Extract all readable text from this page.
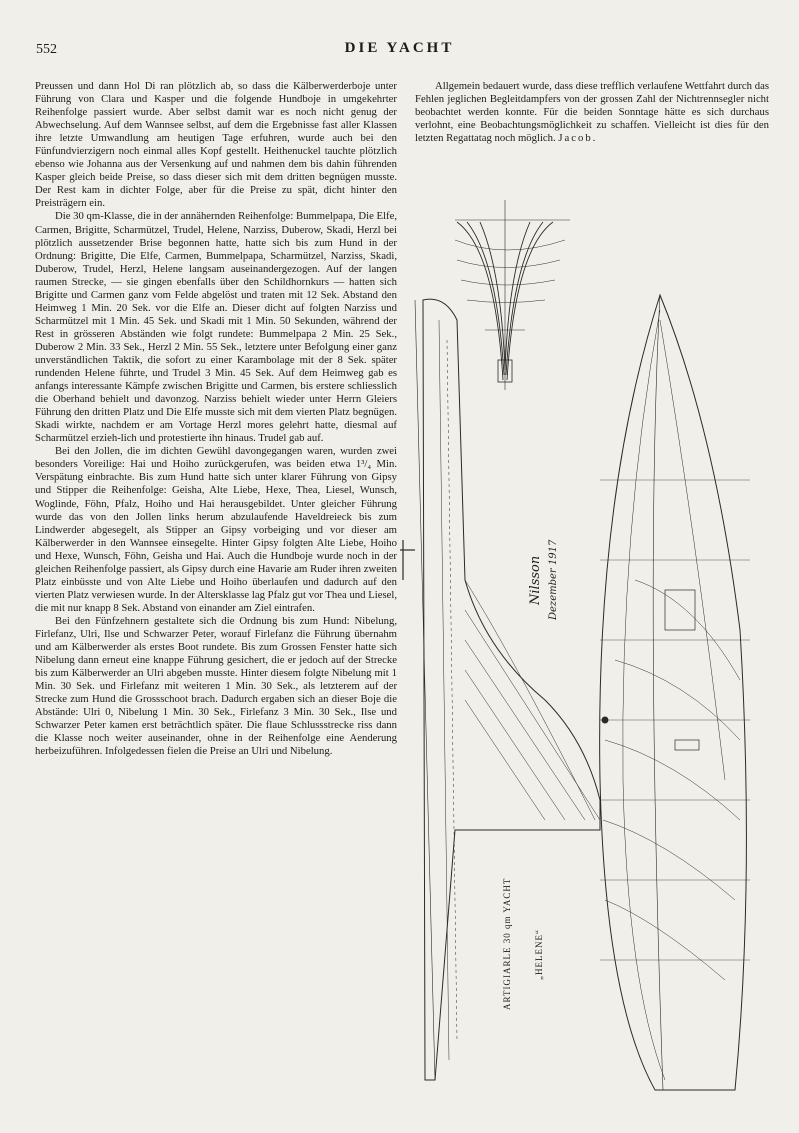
552	DIE YACHT

Preussen und dann Hol Di ran plötzlich ab, so dass die Kälberwerderboje unter Führung von Clara und Kasper und die folgende Hundboje in umgekehrter Reihenfolge passiert wurde. Aber selbst damit war es noch nicht genug der Abwechselung. Auf dem Wannsee selbst, auf dem die Ergebnisse fast aller Klassen ihre letzte Umwandlung am heutigen Tage erfuhren, wurde auch bei den Fünfundvierzigern noch einmal alles Kopf gestellt. Heithenuckel tauchte plötzlich ebenso wie Johanna aus der Versenkung auf und nahmen dem bis dahin führenden Kasper gleich beide Preise, so dass dieser sich mit dem dritten begnügen musste. Der Rest kam in dichter Folge, aber für die Preise zu spät, dicht hinter den Preisträgern ein.

Die 30 qm-Klasse, die in der annähernden Reihenfolge: Bummelpapa, Die Elfe, Carmen, Brigitte, Scharmützel, Trudel, Helene, Narziss, Duberow, Skadi, Herzl bei plötzlich aussetzender Brise begonnen hatte, hatte sich bis zum Hund in der Ordnung: Brigitte, Die Elfe, Carmen, Bummelpapa, Scharmützel, Narziss, Skadi, Duberow, Trudel, Herzl, Helene langsam auseinandergezogen. Auf der langen raumen Strecke, — sie gingen ebenfalls über den Schildhornkurs — hatten sich Brigitte und Carmen ganz vom Felde abgelöst und traten mit 12 Sek. Abstand den Heimweg 1 Min. 20 Sek. vor die Elfe an. Dieser dicht auf folgten Narziss und Scharmützel mit 1 Min. 45 Sek. und Skadi mit 1 Min. 50 Sekunden, während der Rest in grösseren Abständen wie folgt rundete: Bummelpapa 2 Min. 25 Sek., Duberow 2 Min. 33 Sek., Herzl 2 Min. 55 Sek., letztere unter Befolgung einer ganz unverständlichen Taktik, die sofort zu einer Karambolage mit der 8 Sek. später rundenden Helene führte, und Trudel 3 Min. 45 Sek. Auf dem Heimweg gab es anfangs interessante Kämpfe zwischen Brigitte und Carmen, bis erstere schliesslich die Oberhand behielt und davonzog. Narziss behielt wieder unter Herrn Gleiers Führung den dritten Platz und Die Elfe musste sich mit dem vierten Platz begnügen. Skadi wirkte, nachdem er am Vortage Herzl mores gelehrt hatte, diesmal auf Scharmützel erzieh-lich und protestierte ihn hinaus. Trudel gab auf.

Bei den Jollen, die im dichten Gewühl davongegangen waren, wurden zwei besonders Voreilige: Hai und Hoiho zurückgerufen, was beiden etwa 1³/₄ Min. Verspätung einbrachte. Bis zum Hund hatte sich unter klarer Führung von Gipsy und Stipper die Reihenfolge: Geisha, Alte Liebe, Hexe, Thea, Liesel, Wunsch, Woglinde, Föhn, Pfalz, Hoiho und Hai herausgebildet. Unter gleicher Führung wurde das von den Jollen links herum abzulaufende Haveldreieck bis zum Lindwerder abgesegelt, als Stipper an Gipsy vorbeiging und vor dieser am Kälberwerder in den Wannsee einsegelte. Hinter Gipsy folgten Alte Liebe, Hoiho und Hexe, Wunsch, Föhn, Geisha und Hai. Auch die Hundboje wurde noch in der gleichen Reihenfolge passiert, als Gipsy durch eine Havarie am Ruder ihren zweiten Platz einbüsste und von Alte Liebe und Hoiho überlaufen und dadurch auf den vierten Platz verwiesen wurde. In der Altersklasse lag Pfalz gut vor Thea und Liesel, die mit nur knapp 8 Sek. Abstand von einander am Ziel eintrafen.

Bei den Fünfzehnern gestaltete sich die Ordnung bis zum Hund: Nibelung, Firlefanz, Ulri, Ilse und Schwarzer Peter, worauf Firlefanz die Führung übernahm und am Kälberwerder als erstes Boot rundete. Bis zum Grossen Fenster hatte sich Nibelung dann erneut eine knappe Führung gesichert, die er jedoch auf der Strecke bis zum Kälberwerder an Ulri abgeben musste. Hinter diesem folgte Nibelung mit 1 Min. 30 Sek. und Firlefanz mit weiteren 1 Min. 30 Sek., als letzterem auf der Strecke zum Hund die Grossschoot brach. Dadurch ergaben sich an dieser Boje die Abstände: Ulri 0, Nibelung 1 Min. 30 Sek., Firlefanz 3 Min. 30 Sek., Ilse und Schwarzer Peter kamen erst beträchtlich später. Die flaue Schlussstrecke riss dann die Klasse noch weiter auseinander, ohne in der Reihenfolge eine Aenderung herbeizuführen. Infolgedessen fielen die Preise an Ulri und Nibelung.

Allgemein bedauert wurde, dass diese trefflich verlaufene Wettfahrt durch das Fehlen jeglichen Begleitdampfers von der grossen Zahl der Nichtrennsegler nicht beobachtet werden konnte. Für die beiden Sonntage hätte es sich durchaus verlohnt, eine Beobachtungsmöglichkeit zu schaffen. Vielleicht ist dies für den letzten Regattatag noch möglich. Jacob.

ARTIGIARLE 30 qm YACHT „HELENE“
Nilsson Dezember 1917
